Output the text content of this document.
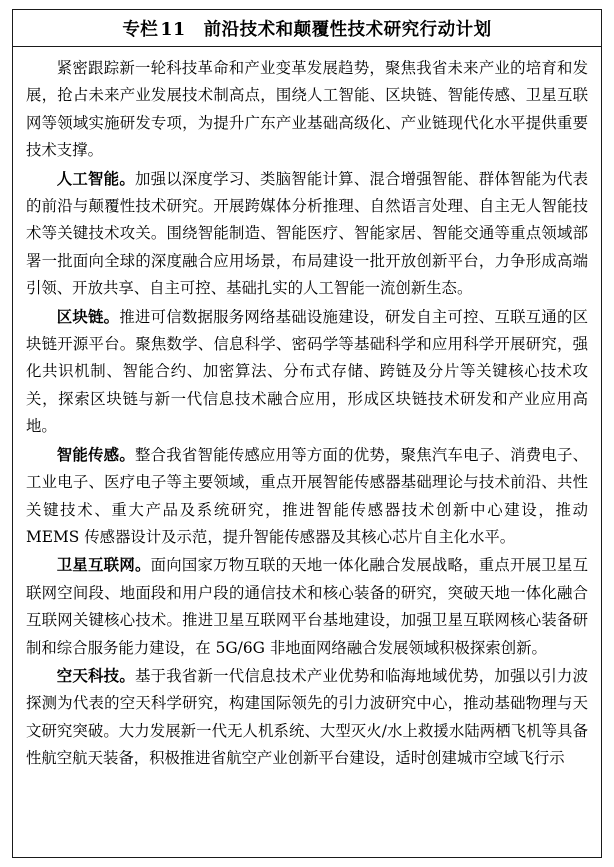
专栏 11 前沿技术和颠覆性技术研究行动计划

紧密跟踪新一轮科技革命和产业变革发展趋势，聚焦我省未来产业的培育和发展，抢占未来产业发展技术制高点，围绕人工智能、区块链、智能传感、卫星互联网等领域实施研发专项，为提升广东产业基础高级化、产业链现代化水平提供重要技术支撑。

人工智能。加强以深度学习、类脑智能计算、混合增强智能、群体智能为代表的前沿与颠覆性技术研究。开展跨媒体分析推理、自然语言处理、自主无人智能技术等关键技术攻关。围绕智能制造、智能医疗、智能家居、智能交通等重点领域部署一批面向全球的深度融合应用场景，布局建设一批开放创新平台，力争形成高端引领、开放共享、自主可控、基础扎实的人工智能一流创新生态。

区块链。推进可信数据服务网络基础设施建设，研发自主可控、互联互通的区块链开源平台。聚焦数学、信息科学、密码学等基础科学和应用科学开展研究，强化共识机制、智能合约、加密算法、分布式存储、跨链及分片等关键核心技术攻关，探索区块链与新一代信息技术融合应用，形成区块链技术研发和产业应用高地。

智能传感。整合我省智能传感应用等方面的优势，聚焦汽车电子、消费电子、工业电子、医疗电子等主要领域，重点开展智能传感器基础理论与技术前沿、共性关键技术、重大产品及系统研究，推进智能传感器技术创新中心建设，推动 MEMS 传感器设计及示范，提升智能传感器及其核心芯片自主化水平。

卫星互联网。面向国家万物互联的天地一体化融合发展战略，重点开展卫星互联网空间段、地面段和用户段的通信技术和核心装备的研究，突破天地一体化融合互联网关键核心技术。推进卫星互联网平台基地建设，加强卫星互联网核心装备研制和综合服务能力建设，在 5G/6G 非地面网络融合发展领域积极探索创新。

空天科技。基于我省新一代信息技术产业优势和临海地域优势，加强以引力波探测为代表的空天科学研究，构建国际领先的引力波研究中心，推动基础物理与天文研究突破。大力发展新一代无人机系统、大型灭火/水上救援水陆两栖飞机等具备性航空航天装备，积极推进省航空产业创新平台建设，适时创建城市空域飞行示
